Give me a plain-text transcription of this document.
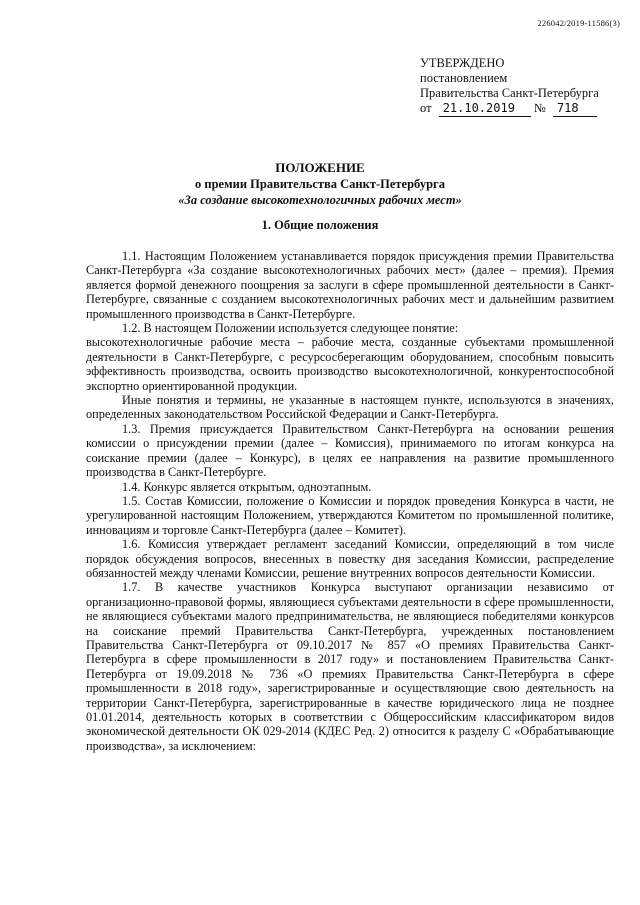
226042/2019-11586(3)
УТВЕРЖДЕНО
постановлением
Правительства Санкт-Петербурга
от 21.10.2019 № 718
ПОЛОЖЕНИЕ
о премии Правительства Санкт-Петербурга
«За создание высокотехнологичных рабочих мест»
1. Общие положения

1.1. Настоящим Положением устанавливается порядок присуждения премии Правительства Санкт-Петербурга «За создание высокотехнологичных рабочих мест» (далее – премия). Премия является формой денежного поощрения за заслуги в сфере промышленной деятельности в Санкт-Петербурге, связанные с созданием высокотехнологичных рабочих мест и дальнейшим развитием промышленного производства в Санкт-Петербурге.

1.2. В настоящем Положении используется следующее понятие:

высокотехнологичные рабочие места – рабочие места, созданные субъектами промышленной деятельности в Санкт-Петербурге, с ресурсосберегающим оборудованием, способным повысить эффективность производства, освоить производство высокотехнологичной, конкурентоспособной экспортно ориентированной продукции.

Иные понятия и термины, не указанные в настоящем пункте, используются в значениях, определенных законодательством Российской Федерации и Санкт-Петербурга.

1.3. Премия присуждается Правительством Санкт-Петербурга на основании решения комиссии о присуждении премии (далее – Комиссия), принимаемого по итогам конкурса на соискание премии (далее – Конкурс), в целях ее направления на развитие промышленного производства в Санкт-Петербурге.

1.4. Конкурс является открытым, одноэтапным.

1.5. Состав Комиссии, положение о Комиссии и порядок проведения Конкурса в части, не урегулированной настоящим Положением, утверждаются Комитетом по промышленной политике, инновациям и торговле Санкт-Петербурга (далее – Комитет).

1.6. Комиссия утверждает регламент заседаний Комиссии, определяющий в том числе порядок обсуждения вопросов, внесенных в повестку дня заседания Комиссии, распределение обязанностей между членами Комиссии, решение внутренних вопросов деятельности Комиссии.

1.7. В качестве участников Конкурса выступают организации независимо от организационно-правовой формы, являющиеся субъектами деятельности в сфере промышленности, не являющиеся субъектами малого предпринимательства, не являющиеся победителями конкурсов на соискание премий Правительства Санкт-Петербурга, учрежденных постановлением Правительства Санкт-Петербурга от 09.10.2017 № 857 «О премиях Правительства Санкт-Петербурга в сфере промышленности в 2017 году» и постановлением Правительства Санкт-Петербурга от 19.09.2018 № 736 «О премиях Правительства Санкт-Петербурга в сфере промышленности в 2018 году», зарегистрированные и осуществляющие свою деятельность на территории Санкт-Петербурга, зарегистрированные в качестве юридического лица не позднее 01.01.2014, деятельность которых в соответствии с Общероссийским классификатором видов экономической деятельности ОК 029-2014 (КДЕС Ред. 2) относится к разделу С «Обрабатывающие производства», за исключением:
